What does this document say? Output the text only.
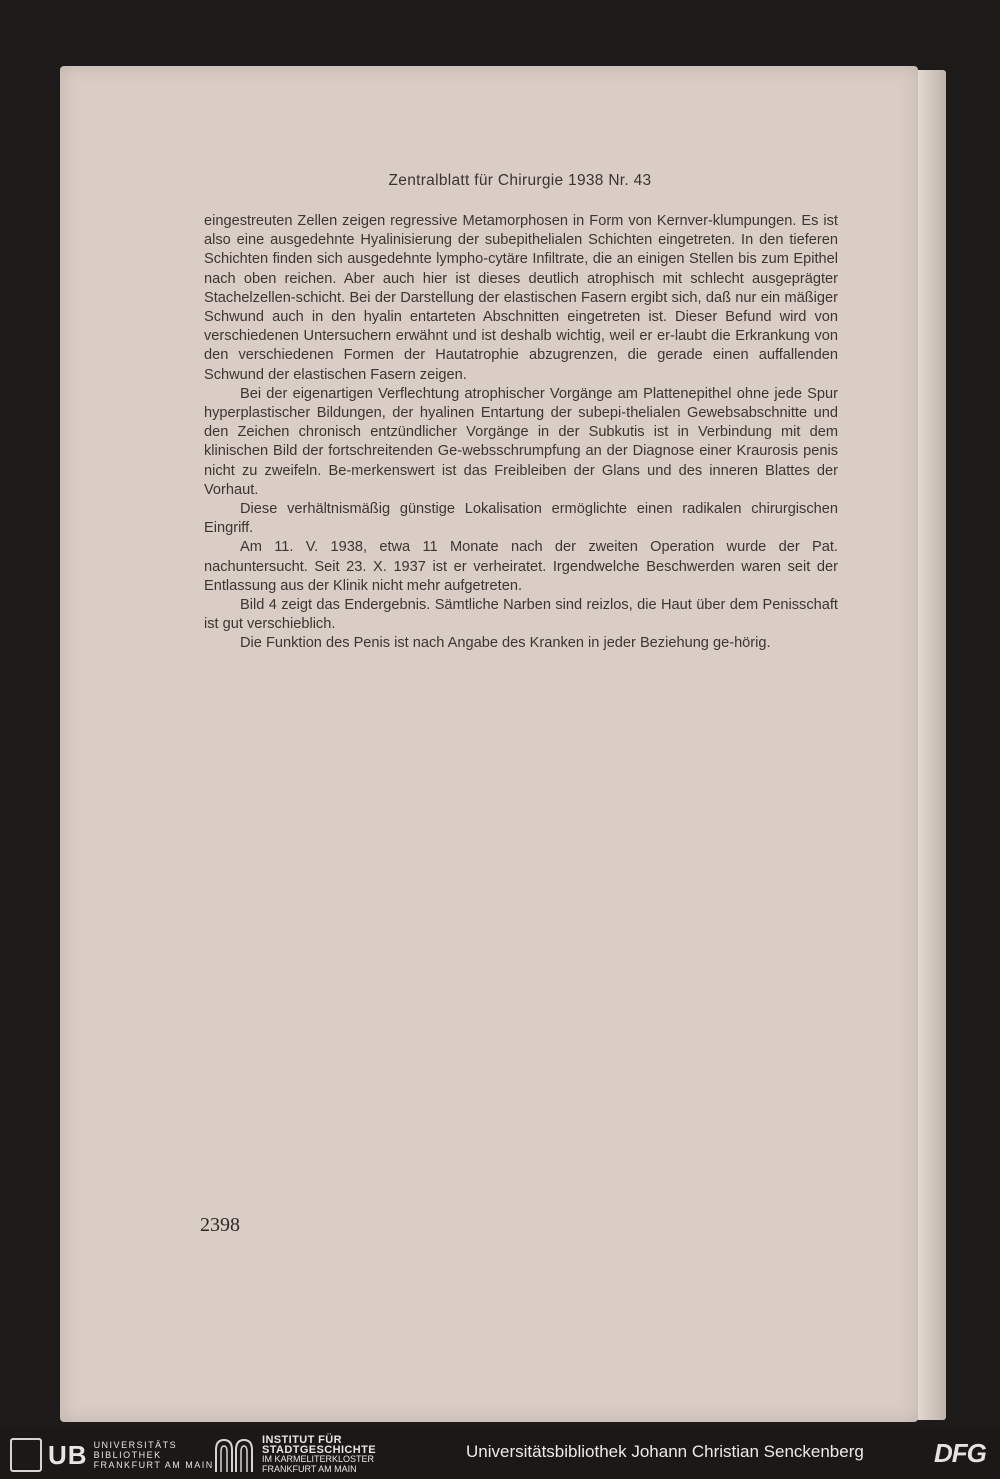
Zentralblatt für Chirurgie 1938 Nr. 43

eingestreuten Zellen zeigen regressive Metamorphosen in Form von Kernver-klumpungen. Es ist also eine ausgedehnte Hyalinisierung der subepithelialen Schichten eingetreten. In den tieferen Schichten finden sich ausgedehnte lympho-cytäre Infiltrate, die an einigen Stellen bis zum Epithel nach oben reichen. Aber auch hier ist dieses deutlich atrophisch mit schlecht ausgeprägter Stachelzellen-schicht. Bei der Darstellung der elastischen Fasern ergibt sich, daß nur ein mäßiger Schwund auch in den hyalin entarteten Abschnitten eingetreten ist. Dieser Befund wird von verschiedenen Untersuchern erwähnt und ist deshalb wichtig, weil er er-laubt die Erkrankung von den verschiedenen Formen der Hautatrophie abzugrenzen, die gerade einen auffallenden Schwund der elastischen Fasern zeigen.

Bei der eigenartigen Verflechtung atrophischer Vorgänge am Plattenepithel ohne jede Spur hyperplastischer Bildungen, der hyalinen Entartung der subepi-thelialen Gewebsabschnitte und den Zeichen chronisch entzündlicher Vorgänge in der Subkutis ist in Verbindung mit dem klinischen Bild der fortschreitenden Ge-websschrumpfung an der Diagnose einer Kraurosis penis nicht zu zweifeln. Be-merkenswert ist das Freibleiben der Glans und des inneren Blattes der Vorhaut.

Diese verhältnismäßig günstige Lokalisation ermöglichte einen radikalen chirurgischen Eingriff.

Am 11. V. 1938, etwa 11 Monate nach der zweiten Operation wurde der Pat. nachuntersucht. Seit 23. X. 1937 ist er verheiratet. Irgendwelche Beschwerden waren seit der Entlassung aus der Klinik nicht mehr aufgetreten.

Bild 4 zeigt das Endergebnis. Sämtliche Narben sind reizlos, die Haut über dem Penisschaft ist gut verschieblich.

Die Funktion des Penis ist nach Angabe des Kranken in jeder Beziehung ge-hörig.

2398
UB UNIVERSITÄTS
BIBLIOTHEK
FRANKFURT AM MAIN
INSTITUT FÜR
STADTGESCHICHTE
IM KARMELITERKLOSTER
FRANKFURT AM MAIN
Universitätsbibliothek Johann Christian Senckenberg	DFG
